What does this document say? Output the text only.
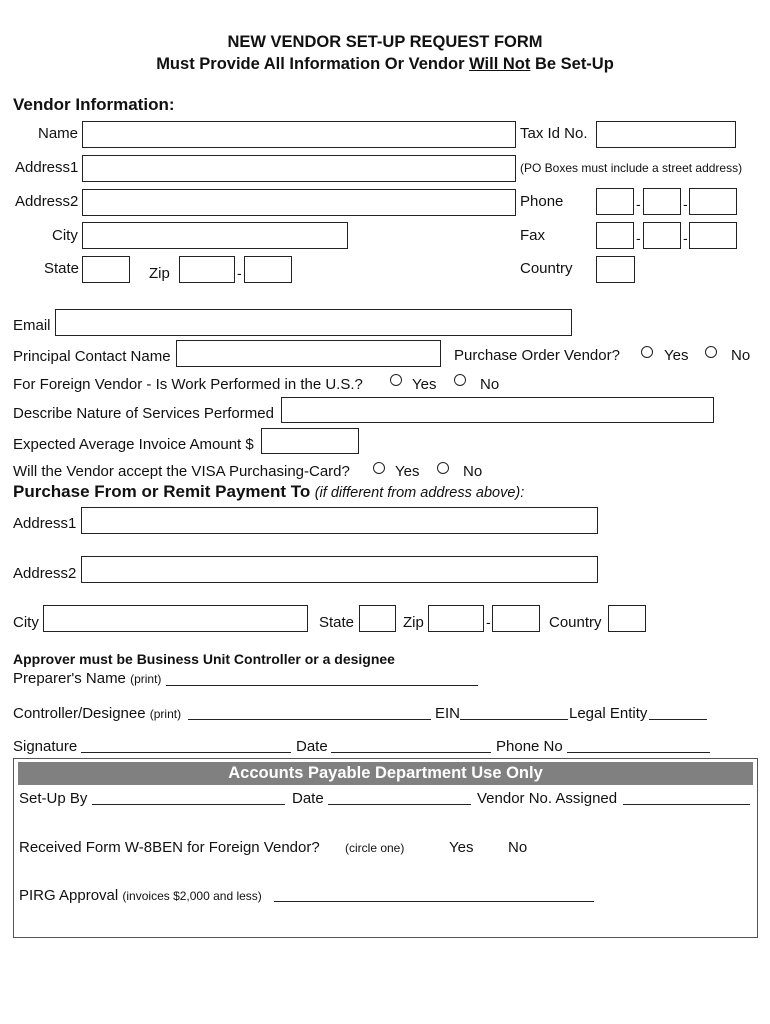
NEW VENDOR SET-UP REQUEST FORM
Must Provide All Information Or Vendor Will Not Be Set-Up
Vendor Information:
Name	Tax Id No.
Address1	(PO Boxes must include a street address)
Address2	Phone	-	-
City	Fax	-	-
State	Zip	-	Country
Email
Principal Contact Name	Purchase Order Vendor?	Yes	No
For Foreign Vendor - Is Work Performed in the U.S.?	Yes	No
Describe Nature of Services Performed
Expected Average Invoice Amount $
Will the Vendor accept the VISA Purchasing-Card?	Yes	No
Purchase From or Remit Payment To (if different from address above):
Address1
Address2
City	State	Zip	-	Country
Approver must be Business Unit Controller or a designee
Preparer's Name (print)
Controller/Designee (print)	EIN	Legal Entity
Signature	Date	Phone No
Accounts Payable Department Use Only
Set-Up By	Date	Vendor No. Assigned
Received Form W-8BEN for Foreign Vendor? (circle one)	Yes No
PIRG Approval (invoices $2,000 and less)
